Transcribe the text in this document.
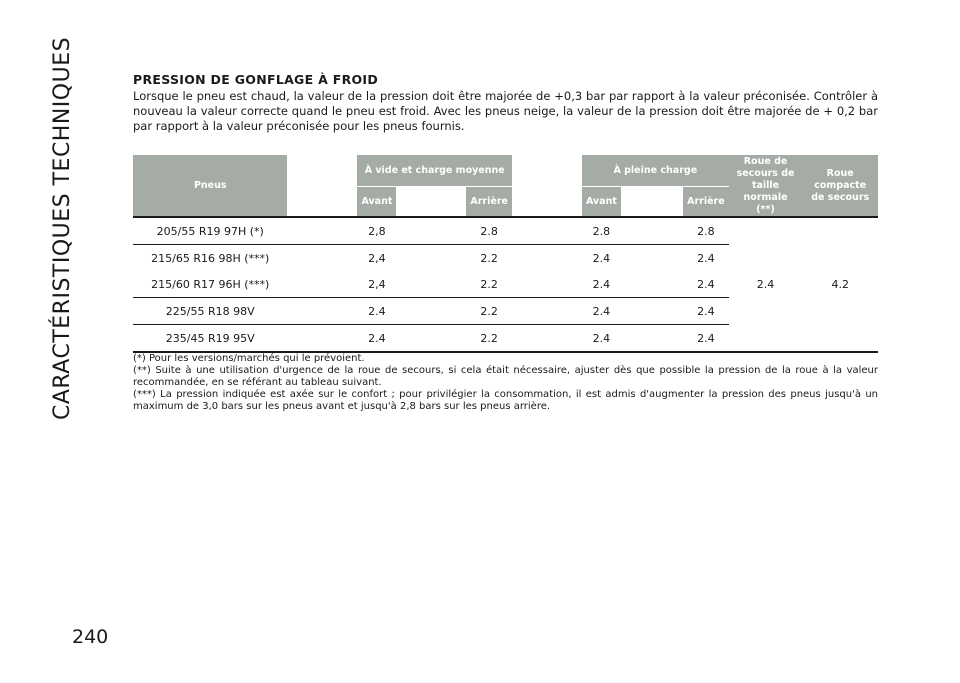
CARACTÉRISTIQUES TECHNIQUES
240
PRESSION DE GONFLAGE À FROID

Lorsque le pneu est chaud, la valeur de la pression doit être majorée de +0,3 bar par rapport à la valeur préconisée. Contrôler à nouveau la valeur correcte quand le pneu est froid. Avec les pneus neige, la valeur de la pression doit être majorée de + 0,2 bar par rapport à la valeur préconisée pour les pneus fournis.

Pneus		À vide et charge moyenne				À pleine charge			Roue de secours de taille normale (**)	Roue compacte de secours
		Avant		Arrière		Avant		Arrière		
205/55 R19 97H (*)		2,8		2.8		2.8		2.8	2.4	4.2
215/65 R16 98H (***)		2,4		2.2		2.4		2.4		
215/60 R17 96H (***)		2,4		2.2		2.4		2.4		
225/55 R18 98V		2.4		2.2		2.4		2.4		
235/45 R19 95V		2.4		2.2		2.4		2.4		

(*) Pour les versions/marchés qui le prévoient.

(**) Suite à une utilisation d'urgence de la roue de secours, si cela était nécessaire, ajuster dès que possible la pression de la roue à la valeur recommandée, en se référant au tableau suivant.

(***) La pression indiquée est axée sur le confort ; pour privilégier la consommation, il est admis d'augmenter la pression des pneus jusqu'à un maximum de 3,0 bars sur les pneus avant et jusqu'à 2,8 bars sur les pneus arrière.
